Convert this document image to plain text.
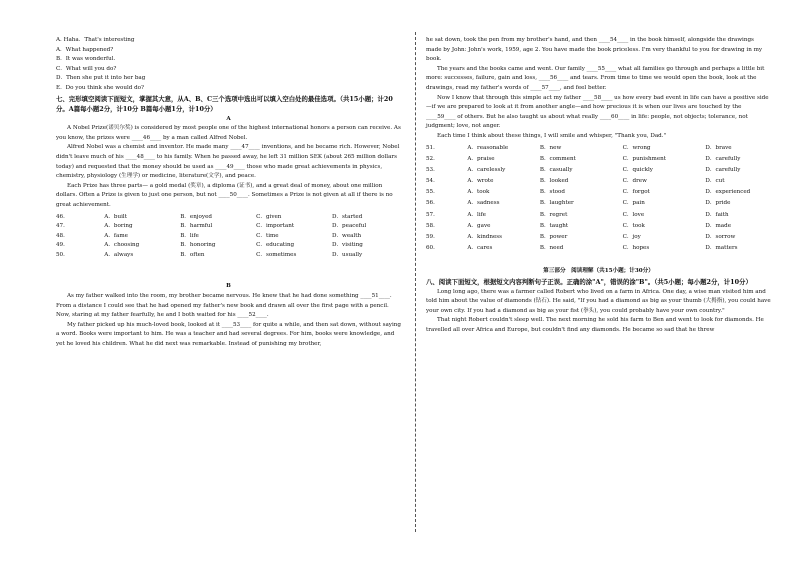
A. Haha．That's interesting

A．What happened?

B．It was wonderful.

C．What will you do?

D．Then she put it into her bag

E．Do you think she would do?

七、完形填空阅读下面短文，掌握其大意，从A、B、C三个选项中选出可以填入空白处的最佳选项。（共15小题；计20分。A篇每小题2分，计10分 B篇每小题1分，计10分）

A

A Nobel Prize(诺贝尔奖) is considered by most people one of the highest international honors a person can receive. As you know, the prizes were ____46____ by a man called Alfred Nobel.

Alfred Nobel was a chemist and inventor. He made many ____47____ inventions, and he became rich. However, Nobel didn't leave much of his ____48____ to his family. When he passed away, he left 31 million SEK (about 265 million dollars today) and requested that the money should be used as ____49____ those who made great achievements in physics, chemistry, physiology (生理学) or medicine, literature(文学), and peace.

Each Prize has three parts— a gold medal (奖章), a diploma (证书), and a great deal of money, about one million dollars. Often a Prize is given to just one person, but not ____50____. Sometimes a Prize is not given at all if there is no great achievement.

46．	A．built	B．enjoyed	C．given	D．started
47．	A．boring	B．harmful	C．important	D．peaceful
48．	A．fame	B．life	C．time	D．wealth
49．	A．choosing	B．honoring	C．educating	D．visiting
50．	A．always	B．often	C．sometimes	D．usually

B

As my father walked into the room, my brother became nervous. He knew that he had done something ____51____. From a distance I could see that he had opened my father's new book and drawn all over the first page with a pencil. Now, staring at my father fearfully, he and I both waited for his ____52____.

My father picked up his much-loved book, looked at it ____53____ for quite a while, and then sat down, without saying a word. Books were important to him. He was a teacher and had several degrees. For him, books were knowledge, and yet he loved his children. What he did next was remarkable. Instead of punishing my brother,

he sat down, took the pen from my brother's hand, and then ____54____ in the book himself, alongside the drawings made by John: John's work, 1959, age 2. You have made the book priceless. I'm very thankful to you for drawing in my book.

The years and the books came and went. Our family ____55____ what all families go through and perhaps a little bit more: successes, failure, gain and loss, ____56____ and tears. From time to time we would open the book, look at the drawings, read my father's words of ____57____, and feel better.

Now I know that through this simple act my father ____58____ us how every bad event in life can have a positive side—if we are prepared to look at it from another angle—and how precious it is when our lives are touched by the ____59____ of others. But he also taught us about what really ____60____ in life: people, not objects; tolerance, not judgment; love, not anger.

Each time I think about these things, I will smile and whisper, "Thank you, Dad."

51．	A．reasonable	B．new	C．wrong	D．brave
52．	A．praise	B．comment	C．punishment	D．carefully
53．	A．carelessly	B．casually	C．quickly	D．carefully
54．	A．wrote	B．looked	C．drew	D．cut
55．	A．took	B．stood	C．forgot	D．experienced
56．	A．sadness	B．laughter	C．pain	D．pride
57．	A．life	B．regret	C．love	D．faith
58．	A．gave	B．taught	C．took	D．made
59．	A．kindness	B．power	C．joy	D．sorrow
60．	A．cares	B．need	C．hopes	D．matters

第三部分　阅读理解（共15小题；计30分）

八、阅读下面短文，根据短文内容判断句子正误。正确的涂"A"，错误的涂"B"。（共5小题；每小题2分，计10分）

Long long ago, there was a farmer called Robert who lived on a farm in Africa. One day, a wise man visited him and told him about the value of diamonds (钻石). He said, "If you had a diamond as big as your thumb (大拇指), you could have your own city. If you had a diamond as big as your fist (拳头), you could probably have your own country."

That night Robert couldn't sleep well. The next morning he sold his farm to Ben and went to look for diamonds. He travelled all over Africa and Europe, but couldn't find any diamonds. He became so sad that he threw
